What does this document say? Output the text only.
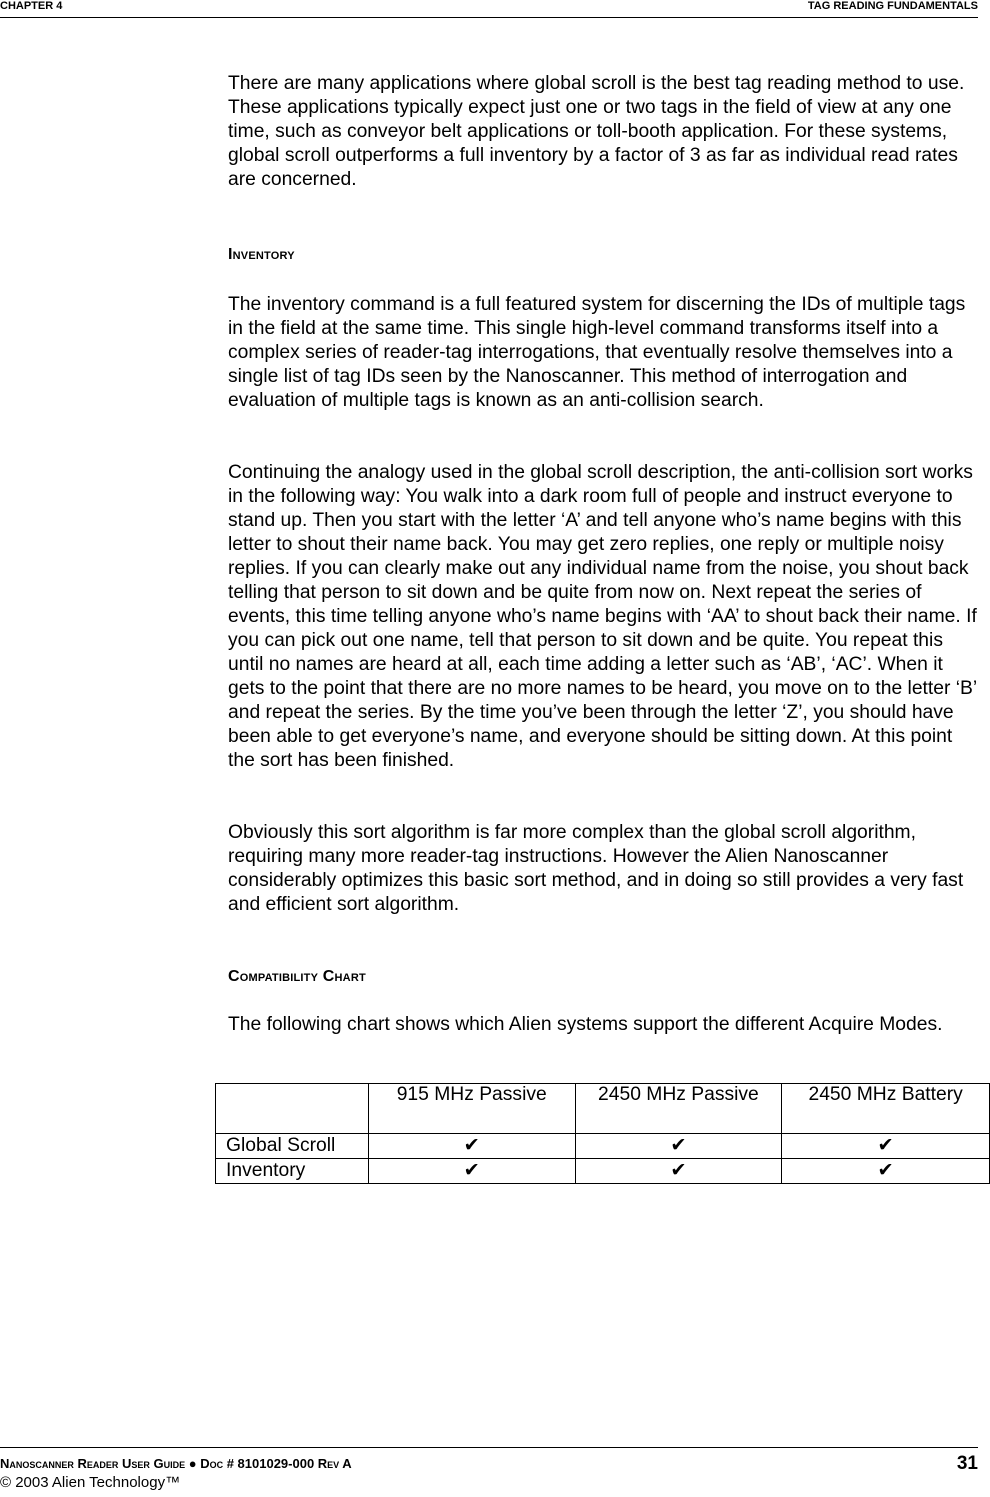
CHAPTER 4	TAG READING FUNDAMENTALS

There are many applications where global scroll is the best tag reading method to use. These applications typically expect just one or two tags in the field of view at any one time, such as conveyor belt applications or toll-booth application. For these systems, global scroll outperforms a full inventory by a factor of 3 as far as individual read rates are concerned.

Inventory

The inventory command is a full featured system for discerning the IDs of multiple tags in the field at the same time. This single high-level command transforms itself into a complex series of reader-tag interrogations, that eventually resolve themselves into a single list of tag IDs seen by the Nanoscanner. This method of interrogation and evaluation of multiple tags is known as an anti-collision search.

Continuing the analogy used in the global scroll description, the anti-collision sort works in the following way: You walk into a dark room full of people and instruct everyone to stand up. Then you start with the letter ‘A’ and tell anyone who’s name begins with this letter to shout their name back. You may get zero replies, one reply or multiple noisy replies. If you can clearly make out any individual name from the noise, you shout back telling that person to sit down and be quite from now on. Next repeat the series of events, this time telling anyone who’s name begins with ‘AA’ to shout back their name. If you can pick out one name, tell that person to sit down and be quite. You repeat this until no names are heard at all, each time adding a letter such as ‘AB’, ‘AC’. When it gets to the point that there are no more names to be heard, you move on to the letter ‘B’ and repeat the series. By the time you’ve been through the letter ‘Z’, you should have been able to get everyone’s name, and everyone should be sitting down. At this point the sort has been finished.

Obviously this sort algorithm is far more complex than the global scroll algorithm, requiring many more reader-tag instructions. However the Alien Nanoscanner considerably optimizes this basic sort method, and in doing so still provides a very fast and efficient sort algorithm.

Compatibility Chart

The following chart shows which Alien systems support the different Acquire Modes.

	915 MHz Passive	2450 MHz Passive	2450 MHz Battery
Global Scroll	✔	✔	✔
Inventory	✔	✔	✔
Nanoscanner Reader User Guide ● Doc # 8101029-000 Rev A	31
© 2003 Alien Technology™
